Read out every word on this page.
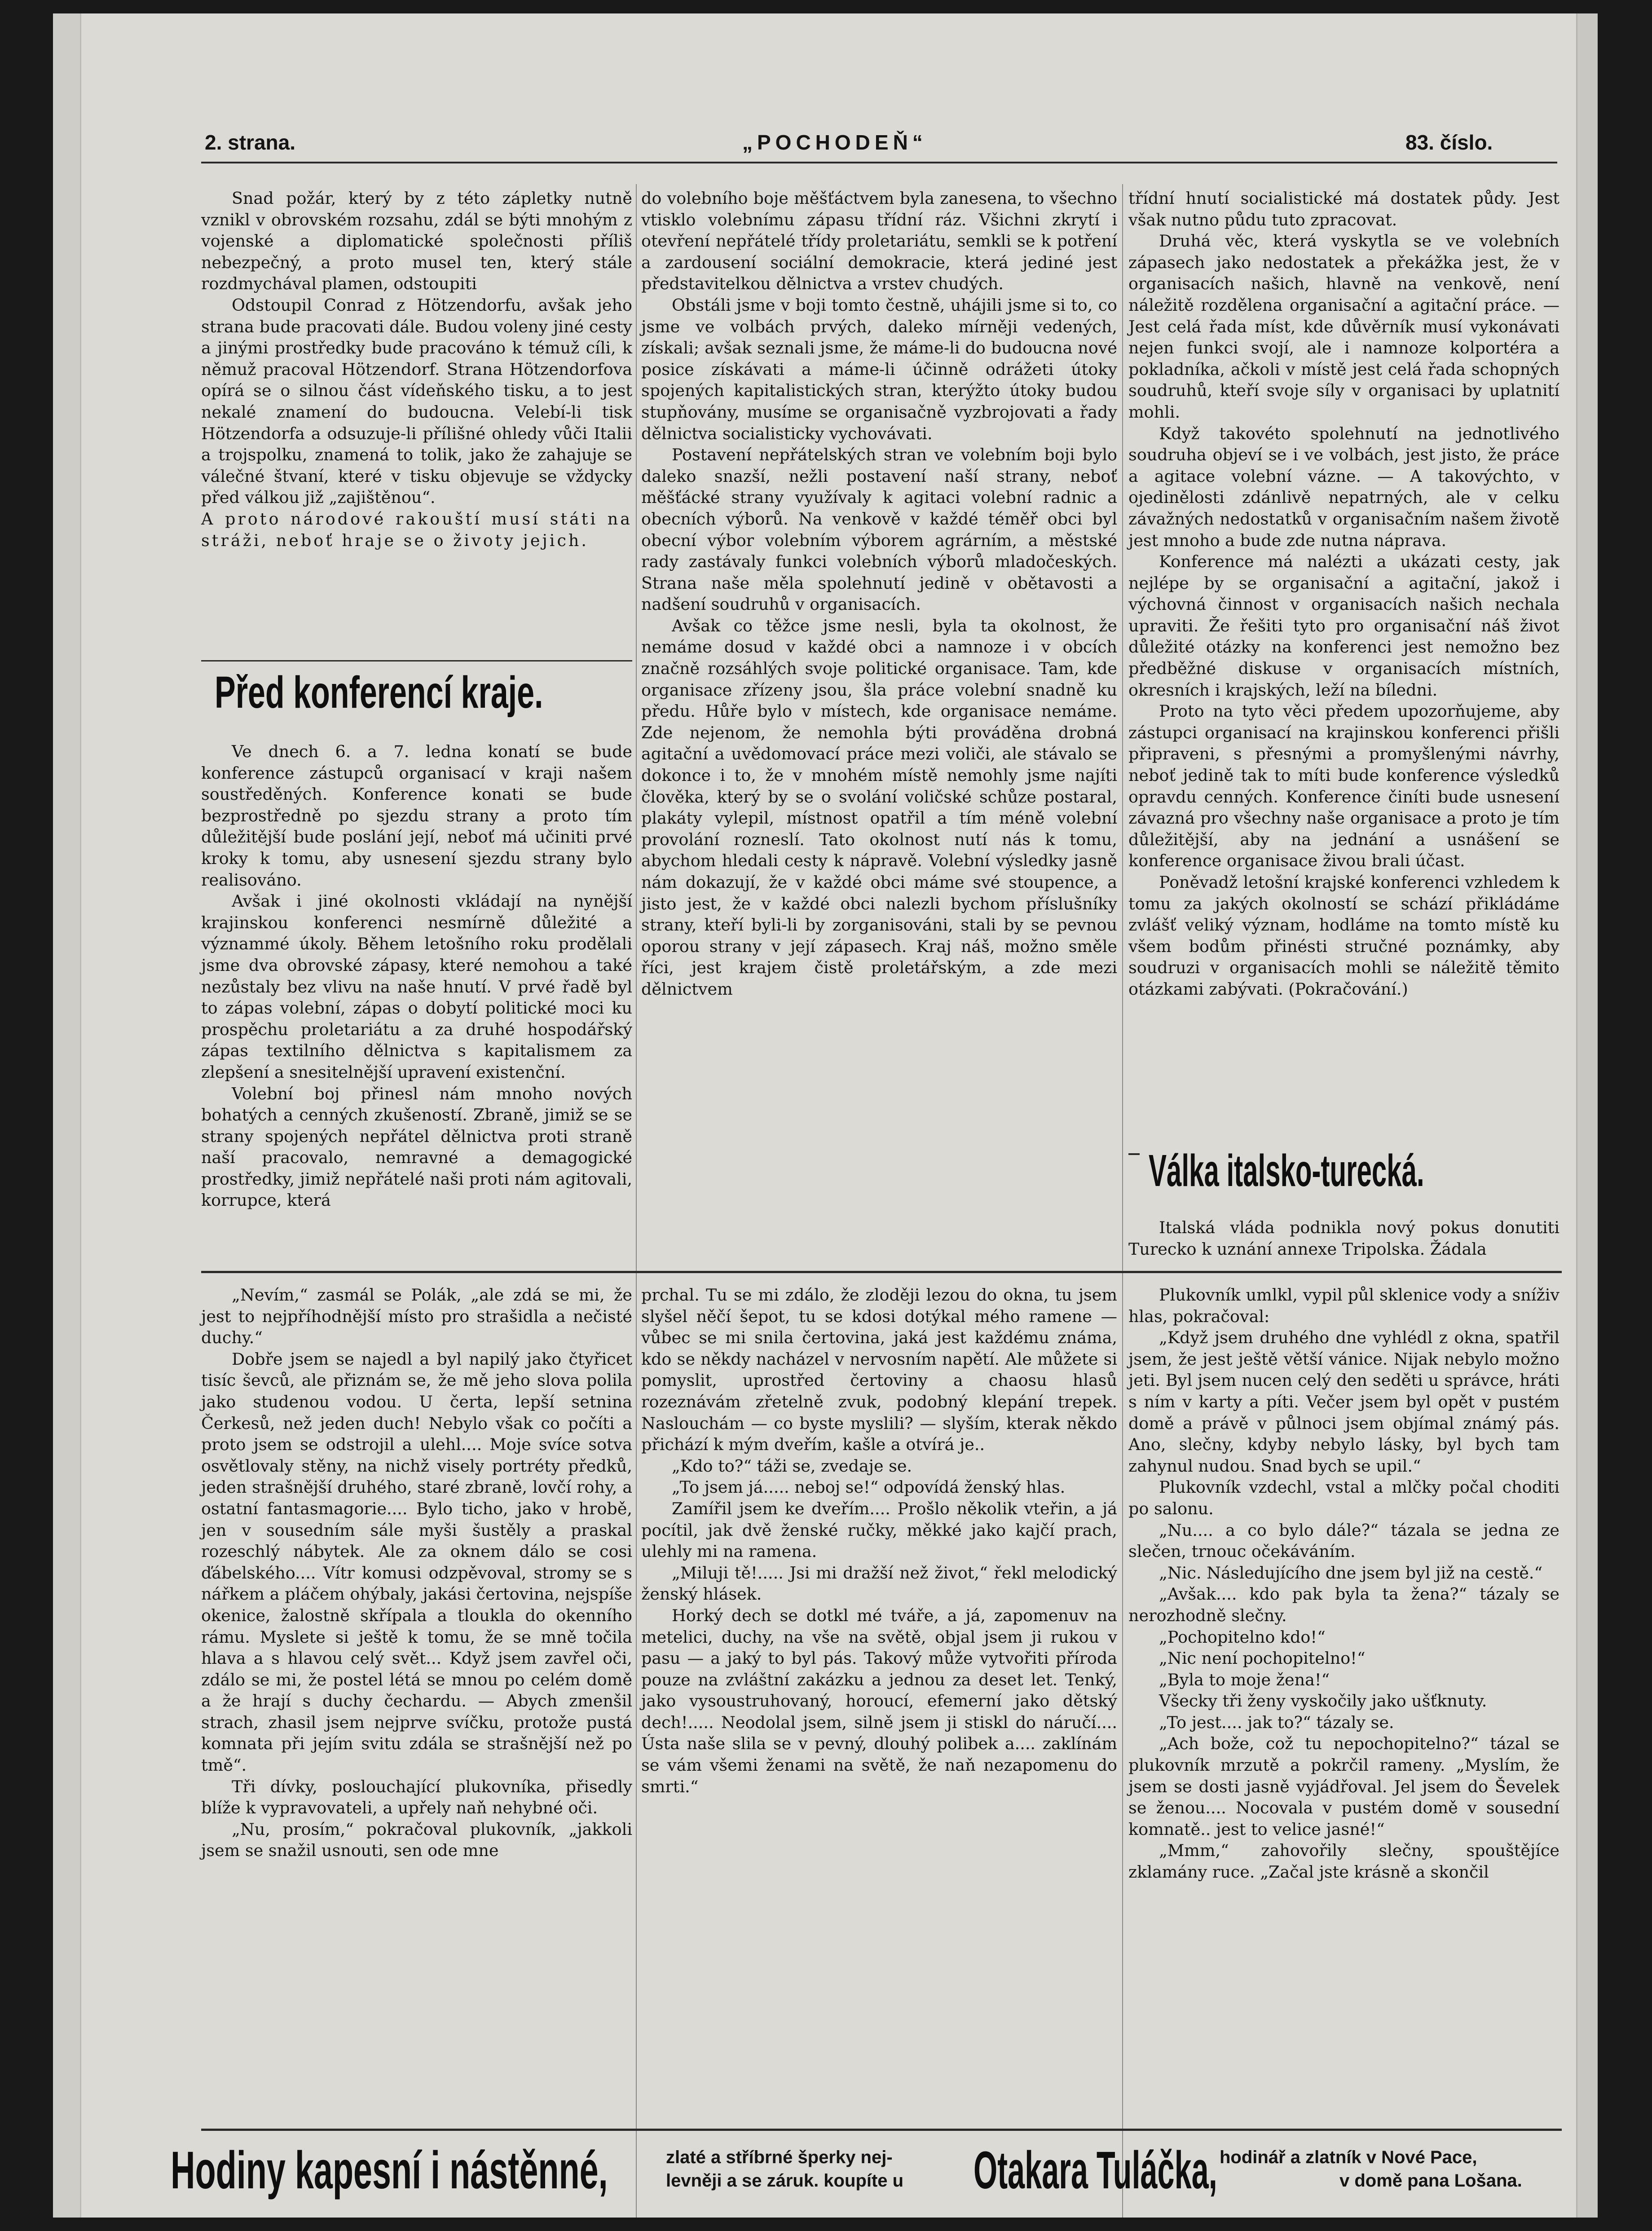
2. strana.	„POCHODEŇ“	83. číslo.

Snad požár, který by z této zápletky nutně vznikl v obrovském rozsahu, zdál se býti mnohým z vojenské a diplomatické společnosti příliš nebezpečný, a proto musel ten, který stále rozdmychával plamen, odstoupiti

Odstoupil Conrad z Hötzendorfu, avšak jeho strana bude pracovati dále. Budou voleny jiné cesty a jinými prostředky bude pracováno k témuž cíli, k němuž pracoval Hötzendorf. Strana Hötzendorfova opírá se o silnou část vídeňského tisku, a to jest nekalé znamení do budoucna. Velebí-li tisk Hötzendorfa a odsuzuje-li přílišné ohledy vůči Italii a trojspolku, znamená to tolik, jako že zahajuje se válečné štvaní, které v tisku objevuje se vždycky před válkou již „zajištěnou“.

A proto národové rakouští musí státi na stráži, neboť hraje se o životy jejich.

Před konferencí kraje.

Ve dnech 6. a 7. ledna konatí se bude konference zástupců organisací v kraji našem soustředěných. Konference konati se bude bezprostředně po sjezdu strany a proto tím důležitější bude poslání její, neboť má učiniti prvé kroky k tomu, aby usnesení sjezdu strany bylo realisováno.

Avšak i jiné okolnosti vkládají na nynější krajinskou konferenci nesmírně důležité a význammé úkoly. Během letošního roku prodělali jsme dva obrovské zápasy, které nemohou a také nezůstaly bez vlivu na naše hnutí. V prvé řadě byl to zápas volební, zápas o dobytí politické moci ku prospěchu proletariátu a za druhé hospodářský zápas textilního dělnictva s kapitalismem za zlepšení a snesitelnější upravení existenční.

Volební boj přinesl nám mnoho nových bohatých a cenných zkušeností. Zbraně, jimiž se se strany spojených nepřátel dělnictva proti straně naší pracovalo, nemravné a demagogické prostředky, jimiž nepřátelé naši proti nám agitovali, korrupce, která

do volebního boje měšťáctvem byla zanesena, to všechno vtisklo volebnímu zápasu třídní ráz. Všichni zkrytí i otevření nepřátelé třídy proletariátu, semkli se k potření a zardousení sociální demokracie, která jediné jest představitelkou dělnictva a vrstev chudých.

Obstáli jsme v boji tomto čestně, uhájili jsme si to, co jsme ve volbách prvých, daleko mírněji vedených, získali; avšak seznali jsme, že máme-li do budoucna nové posice získávati a máme-li účinně odrážeti útoky spojených kapitalistických stran, kterýžto útoky budou stupňovány, musíme se organisačně vyzbrojovati a řady dělnictva socialisticky vychovávati.

Postavení nepřátelských stran ve volebním boji bylo daleko snazší, nežli postavení naší strany, neboť měšťácké strany využívaly k agitaci volební radnic a obecních výborů. Na venkově v každé téměř obci byl obecní výbor volebním výborem agrárním, a městské rady zastávaly funkci volebních výborů mladočeských. Strana naše měla spolehnutí jedině v obětavosti a nadšení soudruhů v organisacích.

Avšak co těžce jsme nesli, byla ta okolnost, že nemáme dosud v každé obci a namnoze i v obcích značně rozsáhlých svoje politické organisace. Tam, kde organisace zřízeny jsou, šla práce volební snadně ku předu. Hůře bylo v místech, kde organisace nemáme. Zde nejenom, že nemohla býti prováděna drobná agitační a uvědomovací práce mezi voliči, ale stávalo se dokonce i to, že v mnohém místě nemohly jsme najíti člověka, který by se o svolání voličské schůze postaral, plakáty vylepil, místnost opatřil a tím méně volební provolání rozneslí. Tato okolnost nutí nás k tomu, abychom hledali cesty k nápravě. Volební výsledky jasně nám dokazují, že v každé obci máme své stoupence, a jisto jest, že v každé obci nalezli bychom příslušníky strany, kteří byli-li by zorganisováni, stali by se pevnou oporou strany v její zápasech. Kraj náš, možno směle říci, jest krajem čistě proletářským, a zde mezi dělnictvem

třídní hnutí socialistické má dostatek půdy. Jest však nutno půdu tuto zpracovat.

Druhá věc, která vyskytla se ve volebních zápasech jako nedostatek a překážka jest, že v organisacích našich, hlavně na venkově, není náležitě rozdělena organisační a agitační práce. — Jest celá řada míst, kde důvěrník musí vykonávati nejen funkci svojí, ale i namnoze kolportéra a pokladníka, ačkoli v místě jest celá řada schopných soudruhů, kteří svoje síly v organisaci by uplatnití mohli.

Když takovéto spolehnutí na jednotlivého soudruha objeví se i ve volbách, jest jisto, že práce a agitace volební vázne. — A takovýchto, v ojedinělosti zdánlivě nepatrných, ale v celku závažných nedostatků v organisačním našem životě jest mnoho a bude zde nutna náprava.

Konference má nalézti a ukázati cesty, jak nejlépe by se organisační a agitační, jakož i výchovná činnost v organisacích našich nechala upraviti. Že řešiti tyto pro organisační náš život důležité otázky na konferenci jest nemožno bez předběžné diskuse v organisacích místních, okresních i krajských, leží na bíledni.

Proto na tyto věci předem upozorňujeme, aby zástupci organisací na krajinskou konferenci přišli připraveni, s přesnými a promyšlenými návrhy, neboť jedině tak to míti bude konference výsledků opravdu cenných. Konference činíti bude usnesení závazná pro všechny naše organisace a proto je tím důležitější, aby na jednání a usnášení se konference organisace živou brali účast.

Poněvadž letošní krajské konferenci vzhledem k tomu za jakých okolností se schází přikládáme zvlášť veliký význam, hodláme na tomto místě ku všem bodům přinésti stručné poznámky, aby soudruzi v organisacích mohli se náležitě těmito otázkami zabývati. (Pokračování.)

Válka italsko-turecká.

Italská vláda podnikla nový pokus donutiti Turecko k uznání annexe Tripolska. Žádala

„Nevím,“ zasmál se Polák, „ale zdá se mi, že jest to nejpříhodnější místo pro strašidla a nečisté duchy.“

Dobře jsem se najedl a byl napilý jako čtyřicet tisíc ševců, ale přiznám se, že mě jeho slova polila jako studenou vodou. U čerta, lepší setnina Čerkesů, než jeden duch! Nebylo však co počíti a proto jsem se odstrojil a ulehl.... Moje svíce sotva osvětlovaly stěny, na nichž visely portréty předků, jeden strašnější druhého, staré zbraně, lovčí rohy, a ostatní fantasmagorie.... Bylo ticho, jako v hrobě, jen v sousedním sále myši šustěly a praskal rozeschlý nábytek. Ale za oknem dálo se cosi ďábelského.... Vítr komusi odzpěvoval, stromy se s nářkem a pláčem ohýbaly, jakási čertovina, nejspíše okenice, žalostně skřípala a tloukla do okenního rámu. Myslete si ještě k tomu, že se mně točila hlava a s hlavou celý svět... Když jsem zavřel oči, zdálo se mi, že postel létá se mnou po celém domě a že hrají s duchy čechardu. — Abych zmenšil strach, zhasil jsem nejprve svíčku, protože pustá komnata při jejím svitu zdála se strašnější než po tmě“.

Tři dívky, poslouchající plukovníka, přisedly blíže k vypravovateli, a upřely naň nehybné oči.

„Nu, prosím,“ pokračoval plukovník, „jakkoli jsem se snažil usnouti, sen ode mne

prchal. Tu se mi zdálo, že zloději lezou do okna, tu jsem slyšel něčí šepot, tu se kdosi dotýkal mého ramene — vůbec se mi snila čertovina, jaká jest každému známa, kdo se někdy nacházel v nervosním napětí. Ale můžete si pomyslit, uprostřed čertoviny a chaosu hlasů rozeznávám zřetelně zvuk, podobný klepání trepek. Naslouchám — co byste myslili? — slyším, kterak někdo přichází k mým dveřím, kašle a otvírá je..

„Kdo to?“ táži se, zvedaje se.

„To jsem já..... neboj se!“ odpovídá ženský hlas.

Zamířil jsem ke dveřím.... Prošlo několik vteřin, a já pocítil, jak dvě ženské ručky, měkké jako kajčí prach, ulehly mi na ramena.

„Miluji tě!..... Jsi mi dražší než život,“ řekl melodický ženský hlásek.

Horký dech se dotkl mé tváře, a já, zapomenuv na metelici, duchy, na vše na světě, objal jsem ji rukou v pasu — a jaký to byl pás. Takový může vytvořiti příroda pouze na zvláštní zakázku a jednou za deset let. Tenký, jako vysoustruhovaný, horoucí, efemerní jako dětský dech!..... Neodolal jsem, silně jsem ji stiskl do náručí.... Ústa naše slila se v pevný, dlouhý polibek a.... zaklínám se vám všemi ženami na světě, že naň nezapomenu do smrti.“

Plukovník umlkl, vypil půl sklenice vody a sníživ hlas, pokračoval:

„Když jsem druhého dne vyhlédl z okna, spatřil jsem, že jest ještě větší vánice. Nijak nebylo možno jeti. Byl jsem nucen celý den seděti u správce, hráti s ním v karty a píti. Večer jsem byl opět v pustém domě a právě v půlnoci jsem objímal známý pás. Ano, slečny, kdyby nebylo lásky, byl bych tam zahynul nudou. Snad bych se upil.“

Plukovník vzdechl, vstal a mlčky počal choditi po salonu.

„Nu.... a co bylo dále?“ tázala se jedna ze slečen, trnouc očekáváním.

„Nic. Následujícího dne jsem byl již na cestě.“

„Avšak.... kdo pak byla ta žena?“ tázaly se nerozhodně slečny.

„Pochopitelno kdo!“

„Nic není pochopitelno!“

„Byla to moje žena!“

Všecky tři ženy vyskočily jako ušťknuty.

„To jest.... jak to?“ tázaly se.

„Ach bože, což tu nepochopitelno?“ tázal se plukovník mrzutě a pokrčil rameny. „Myslím, že jsem se dosti jasně vyjádřoval. Jel jsem do Ševelek se ženou.... Nocovala v pustém domě v sousední komnatě.. jest to velice jasné!“

„Mmm,“ zahovořily slečny, spouštějíce zklamány ruce. „Začal jste krásně a skončil

Hodiny kapesní i nástěnné,	zlaté a stříbrné šperky nej-
levněji a se záruk. koupíte u Otakara Tuláčka, hodinář a zlatník v Nové Pace,
v domě pana Lošana.
